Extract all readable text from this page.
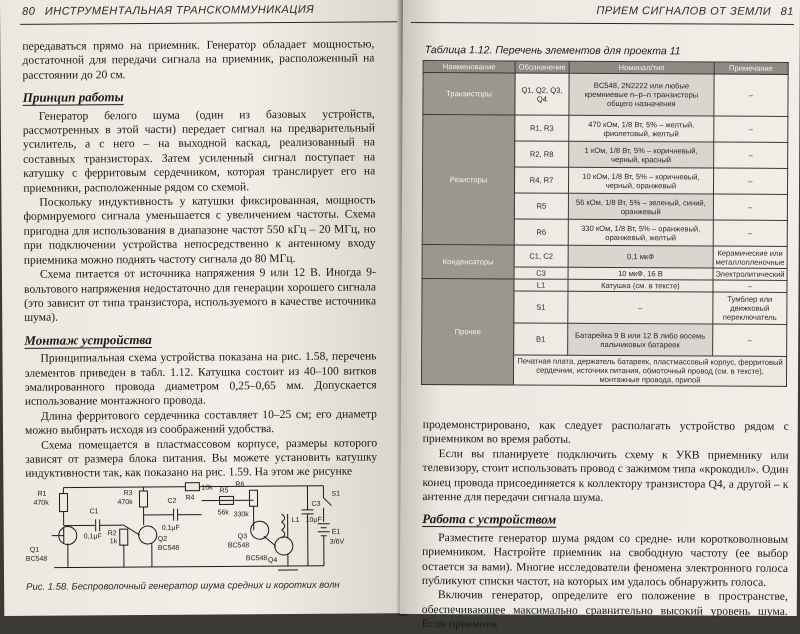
80 ИНСТРУМЕНТАЛЬНАЯ ТРАНСКОММУНИКАЦИЯ

передаваться прямо на приемник. Генератор обладает мощностью, достаточной для передачи сигнала на приемник, расположенный на расстоянии до 20 см.

Принцип работы

Генератор белого шума (один из базовых устройств, рассмотренных в этой части) передает сигнал на предварительный усилитель, а с него – на выходной каскад, реализованный на составных транзисторах. Затем усиленный сигнал поступает на катушку с ферритовым сердечником, которая транслирует его на приемники, расположенные рядом со схемой.

Поскольку индуктивность у катушки фиксированная, мощность формируемого сигнала уменьшается с увеличением частоты. Схема пригодна для использования в диапазоне частот 550 кГц – 20 МГц, но при подключении устройства непосредственно к антенному входу приемника можно поднять частоту сигнала до 80 МГц.

Схема питается от источника напряжения 9 или 12 В. Иногда 9-вольтового напряжения недостаточно для генерации хорошего сигнала (это зависит от типа транзистора, используемого в качестве источника шума).

Монтаж устройства

Принципиальная схема устройства показана на рис. 1.58, перечень элементов приведен в табл. 1.12. Катушка состоит из 40–100 витков эмалированного провода диаметром 0,25–0,65 мм. Допускается использование монтажного провода.

Длина ферритового сердечника составляет 10–25 см; его диаметр можно выбирать исходя из соображений удобства.

Схема помещается в пластмассовом корпусе, размеры которого зависят от размера блока питания. Вы можете установить катушку индуктивности так, как показано на рис. 1.59. На этом же рисунке

R1
470k
C1
0,1μF R2
1k
Q1
BC548
R3
470k	C2
0,1μF
Q2
BC548
R4
10k R5
56k
R6
330k
Q3
BC548
Q4
BC548
L1
C3
10μF
S1
E1
3/6V
Рис. 1.58. Беспроволочный генератор шума средних и коротких волн
ПРИЕМ СИГНАЛОВ ОТ ЗЕМЛИ 81
Таблица 1.12. Перечень элементов для проекта 11
Наименование	Обозначение	Номинал/тип	Примечание
Транзисторы	Q1, Q2, Q3, Q4	BC548, 2N2222 или любые кремниевые n–p–n транзисторы общего назначения	–
Резисторы	R1, R3	470 кОм, 1/8 Вт, 5% – желтый, фиолетовый, желтый	–
	R2, R8	1 кОм, 1/8 Вт, 5% – коричневый, черный, красный	–
	R4, R7	10 кОм, 1/8 Вт, 5% – коричневый, черный, оранжевый	–
	R5	56 кОм, 1/8 Вт, 5% – зеленый, синий, оранжевый	–
	R6	330 кОм, 1/8 Вт, 5% – оранжевый, оранжевый, желтый	–
Конденсаторы	C1, C2	0,1 мкФ	Керамические или металлопленочные
	C3	10 мкФ, 16 В	Электролитический
Прочее	L1	Катушка (см. в тексте)	–
	S1	–	Тумблер или движковый переключатель
	B1	Батарейка 9 В или 12 В либо восемь пальчиковых батареек	–
	Печатная плата, держатель батареек, пластмассовый корпус, ферритовый сердечник, источник питания, обмоточный провод (см. в тексте), монтажные провода, припой		

продемонстрировано, как следует располагать устройство рядом с приемником во время работы.

Если вы планируете подключить схему к УКВ приемнику или телевизору, стоит использовать провод с зажимом типа «крокодил». Один конец провода присоединяется к коллектору транзистора Q4, а другой – к антенне для передачи сигнала шума.

Работа с устройством

Разместите генератор шума рядом со средне- или коротковолновым приемником. Настройте приемник на свободную частоту (ее выбор остается за вами). Многие исследователи феномена электронного голоса публикуют списки частот, на которых им удалось обнаружить голоса.

Включив генератор, определите его положение в пространстве, обеспечивающее максимально сравнительно высокий уровень шума. Если приемник
